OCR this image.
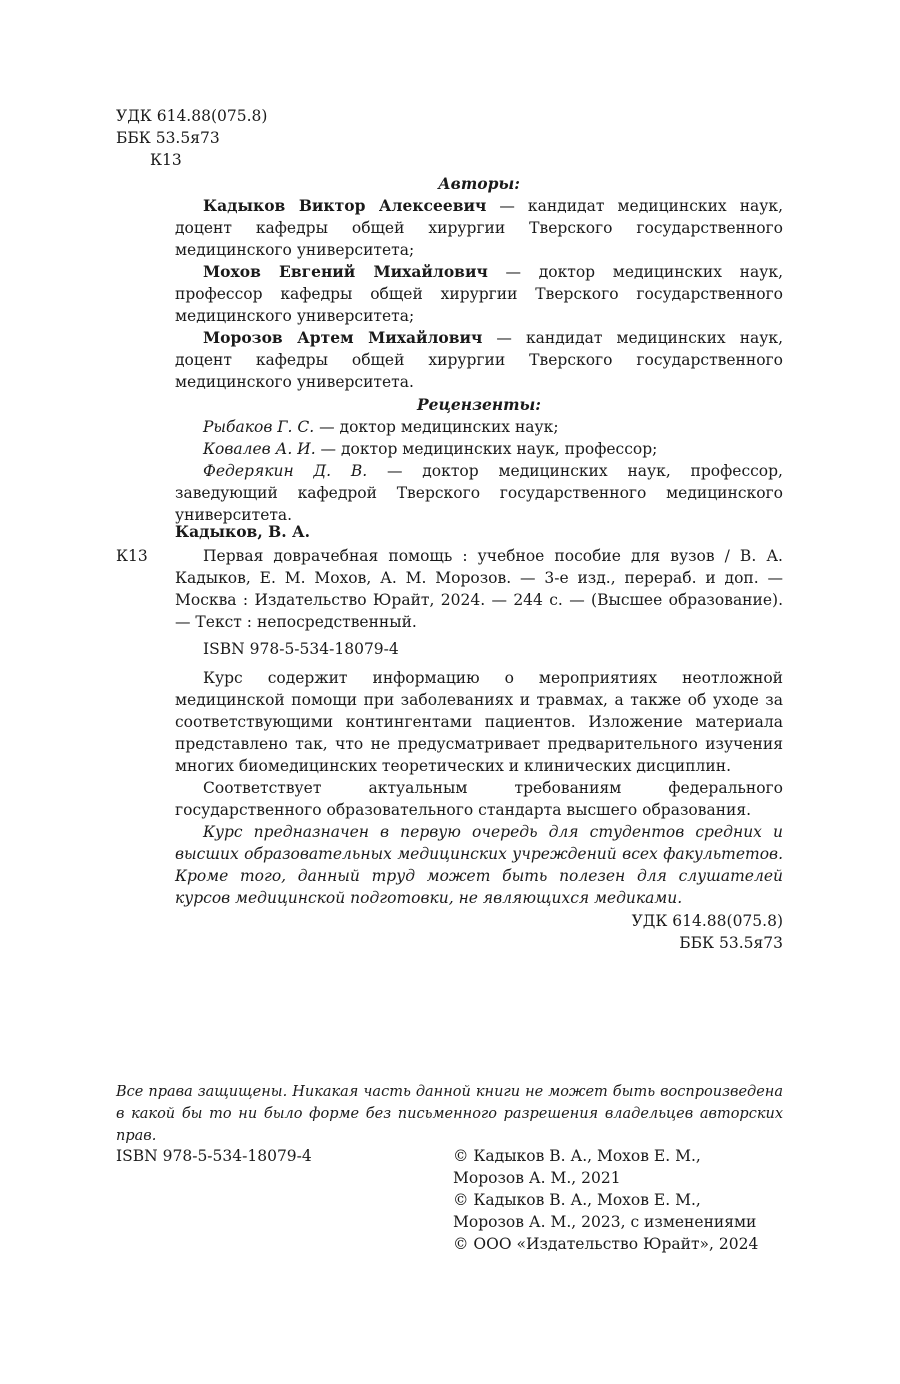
УДК 614.88(075.8)
ББК 53.5я73
К13

Авторы:

Кадыков Виктор Алексеевич — кандидат медицинских наук, доцент кафедры общей хирургии Тверского государственного медицинского университета;

Мохов Евгений Михайлович — доктор медицинских наук, профессор кафедры общей хирургии Тверского государственного медицинского университета;

Морозов Артем Михайлович — кандидат медицинских наук, доцент кафедры общей хирургии Тверского государственного медицинского университета.

Рецензенты:

Рыбаков Г. С. — доктор медицинских наук;

Ковалев А. И. — доктор медицинских наук, профессор;

Федерякин Д. В. — доктор медицинских наук, профессор, заведующий кафедрой Тверского государственного медицинского университета.

Кадыков, В. А.
К13	Первая доврачебная помощь : учебное пособие для вузов / В. А. Кадыков, Е. М. Мохов, А. М. Морозов. — 3-е изд., перераб. и доп. — Москва : Издательство Юрайт, 2024. — 244 с. — (Высшее образование). — Текст : непосредственный.
ISBN 978-5-534-18079-4

Курс содержит информацию о мероприятиях неотложной медицинской помощи при заболеваниях и травмах, а также об уходе за соответствующими контингентами пациентов. Изложение материала представлено так, что не предусматривает предварительного изучения многих биомедицинских теоретических и клинических дисциплин.

Соответствует актуальным требованиям федерального государственного образовательного стандарта высшего образования.

Курс предназначен в первую очередь для студентов средних и высших образовательных медицинских учреждений всех факультетов. Кроме того, данный труд может быть полезен для слушателей курсов медицинской подготовки, не являющихся медиками.

УДК 614.88(075.8)
ББК 53.5я73
Все права защищены. Никакая часть данной книги не может быть воспроизведена в какой бы то ни было форме без письменного разрешения владельцев авторских прав.
ISBN 978-5-534-18079-4	© Кадыков В. А., Мохов Е. М.,
Морозов А. М., 2021
© Кадыков В. А., Мохов Е. М.,
Морозов А. М., 2023, с изменениями
© ООО «Издательство Юрайт», 2024
